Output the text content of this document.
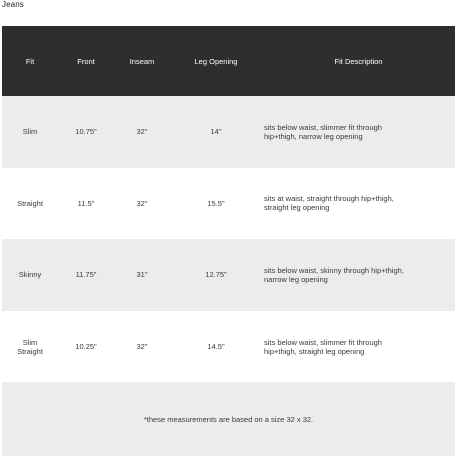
Jeans
Fit	Front	Inseam	Leg Opening	Fit Description
Slim	10.75"	32"	14"	sits below waist, slimmer fit through hip+thigh, narrow leg opening

Straight	11.5"	32"	15.5"	sits at waist, straight through hip+thigh, straight leg opening

Skinny	11.75"	31"	12.75"	sits below waist, skinny through hip+thigh, narrow leg opening

Slim Straight	10.25"	32"	14.5"	sits below waist, slimmer fit through hip+thigh, straight leg opening

*these measurements are based on a size 32 x 32.				
